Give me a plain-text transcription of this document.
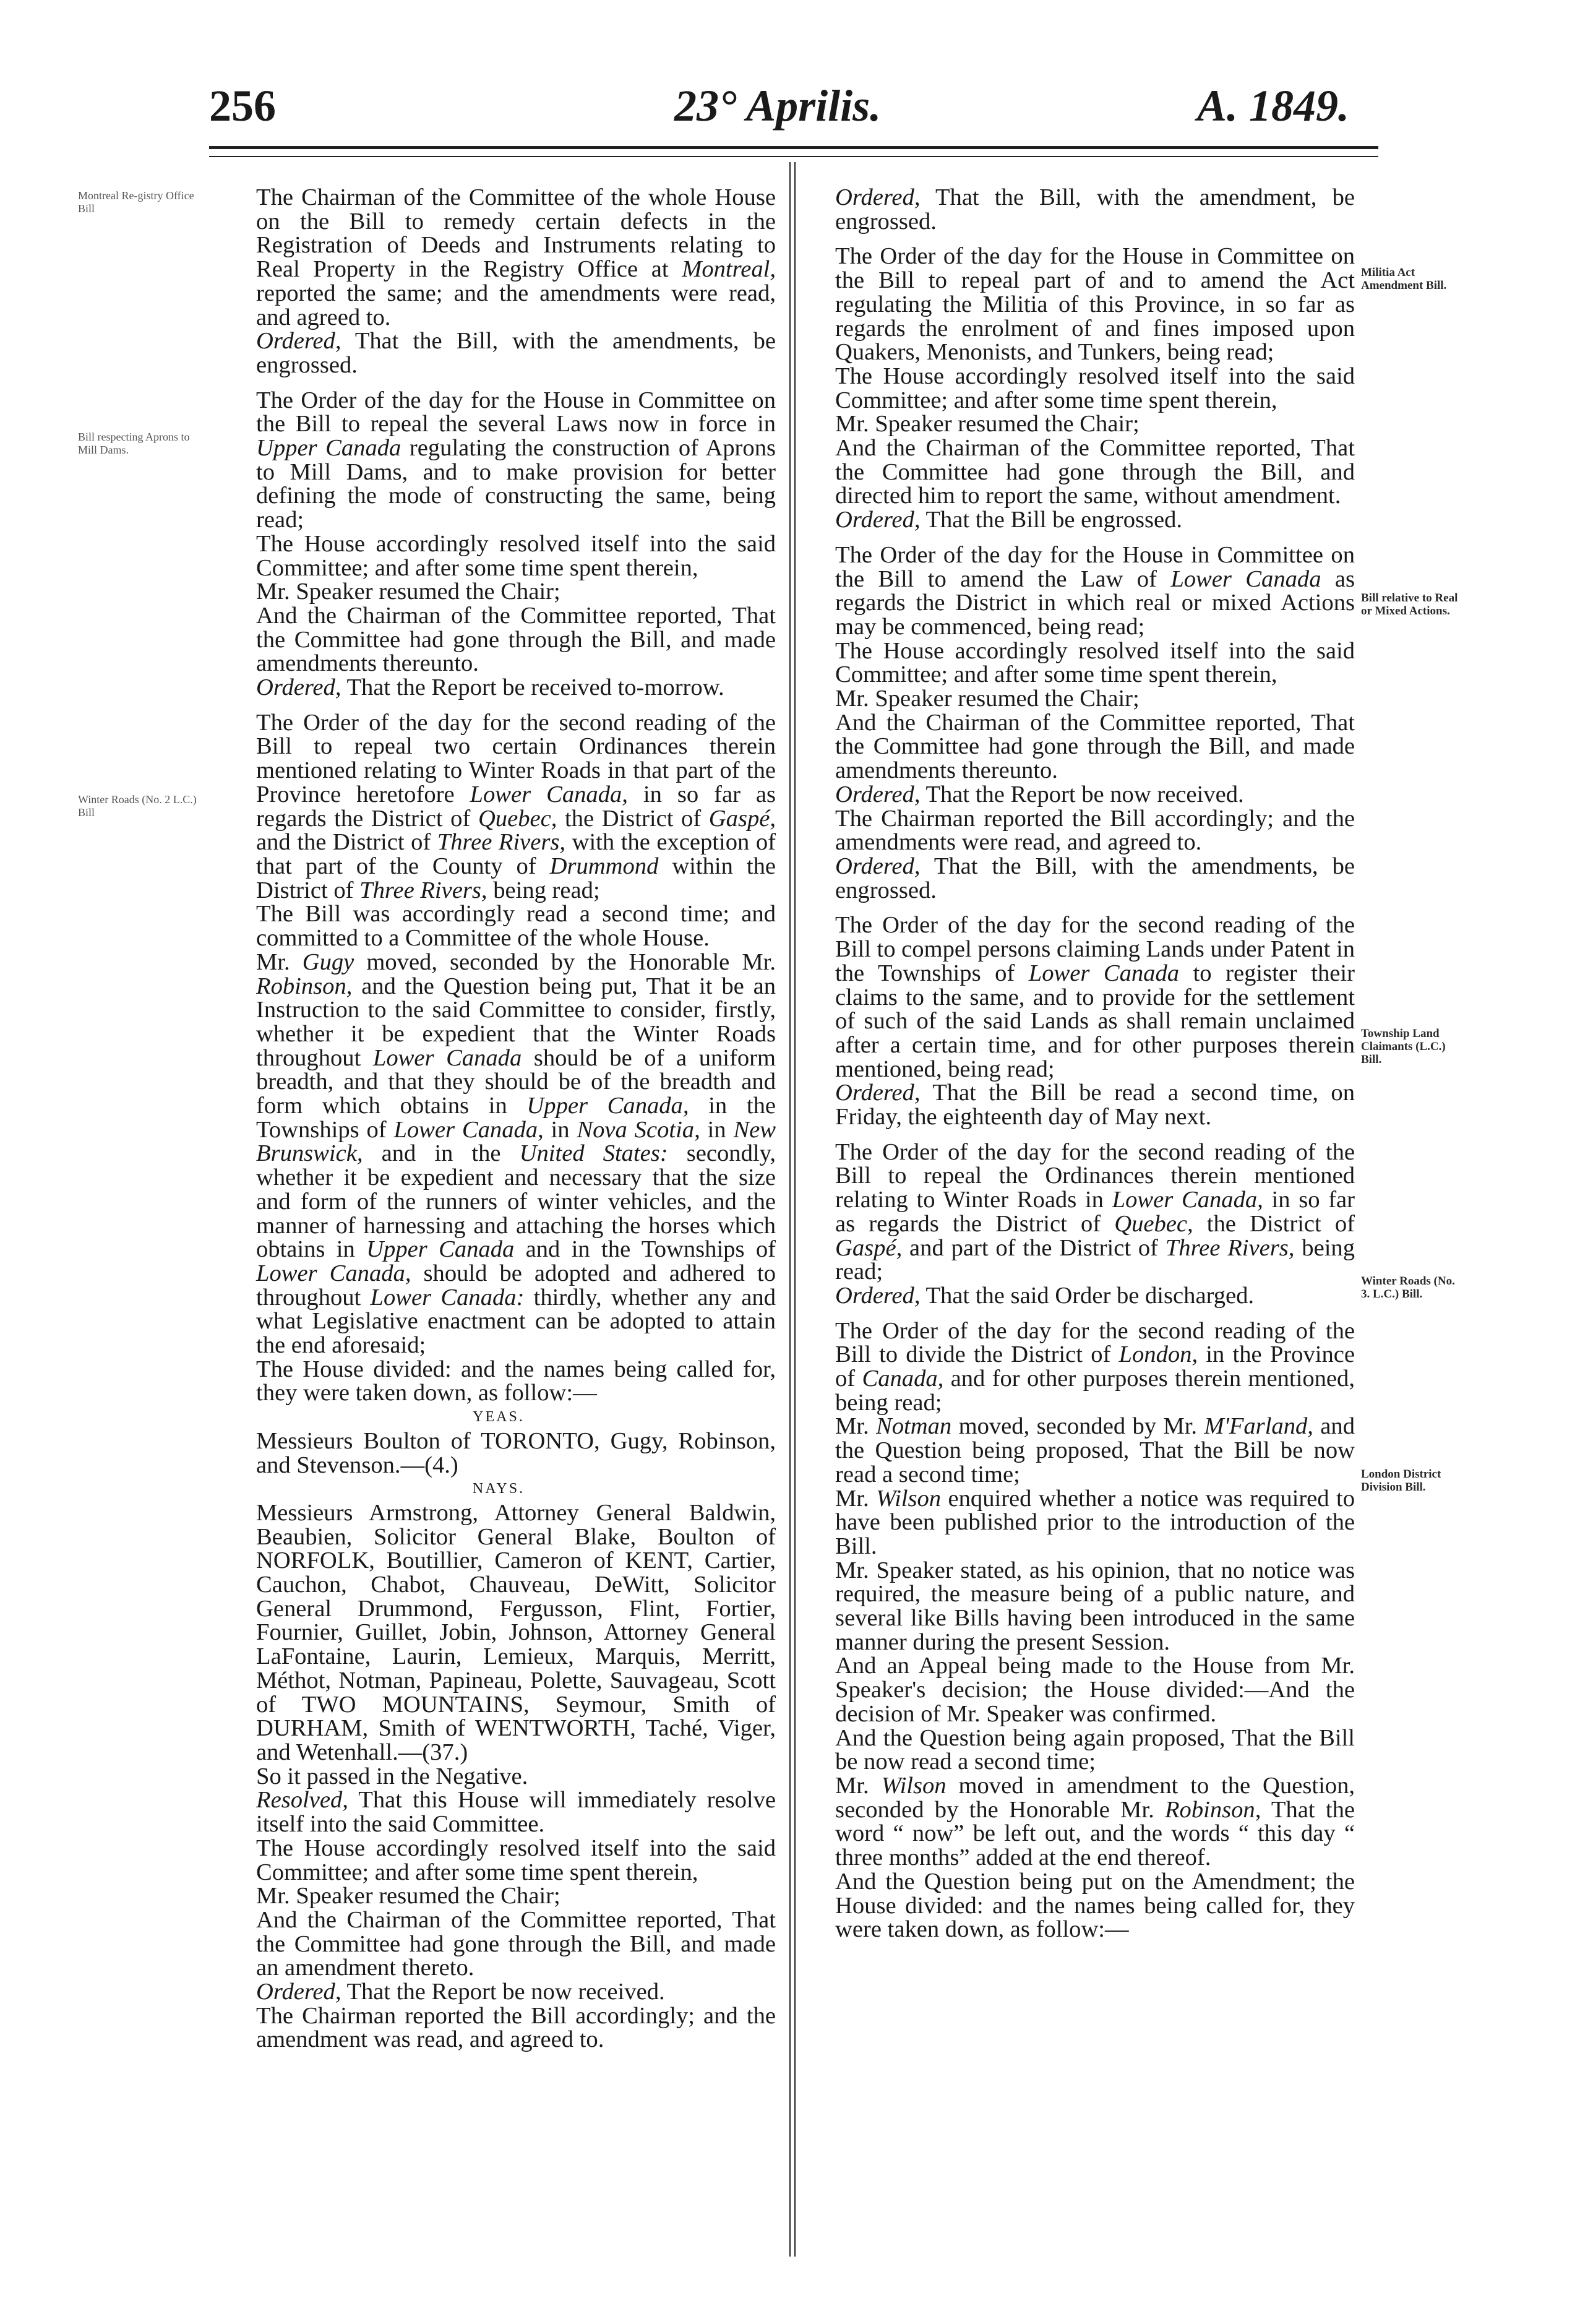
256	23° Aprilis.	A. 1849.
Montreal Re-gistry Office Bill
Bill respecting Aprons to Mill Dams.
Winter Roads (No. 2 L.C.) Bill
Militia Act Amendment Bill.
Bill relative to Real or Mixed Actions.
Township Land Claimants (L.C.) Bill.
Winter Roads (No. 3. L.C.) Bill.
London District Division Bill.

The Chairman of the Committee of the whole House on the Bill to remedy certain defects in the Registration of Deeds and Instruments relating to Real Property in the Registry Office at Montreal, reported the same; and the amendments were read, and agreed to.

Ordered, That the Bill, with the amendments, be engrossed.

The Order of the day for the House in Committee on the Bill to repeal the several Laws now in force in Upper Canada regulating the construction of Aprons to Mill Dams, and to make provision for better defining the mode of constructing the same, being read;

The House accordingly resolved itself into the said Committee; and after some time spent therein,

Mr. Speaker resumed the Chair;

And the Chairman of the Committee reported, That the Committee had gone through the Bill, and made amendments thereunto.

Ordered, That the Report be received to-morrow.

The Order of the day for the second reading of the Bill to repeal two certain Ordinances therein mentioned relating to Winter Roads in that part of the Province heretofore Lower Canada, in so far as regards the District of Quebec, the District of Gaspé, and the District of Three Rivers, with the exception of that part of the County of Drummond within the District of Three Rivers, being read;

The Bill was accordingly read a second time; and committed to a Committee of the whole House.

Mr. Gugy moved, seconded by the Honorable Mr. Robinson, and the Question being put, That it be an Instruction to the said Committee to consider, firstly, whether it be expedient that the Winter Roads throughout Lower Canada should be of a uniform breadth, and that they should be of the breadth and form which obtains in Upper Canada, in the Townships of Lower Canada, in Nova Scotia, in New Brunswick, and in the United States: secondly, whether it be expedient and necessary that the size and form of the runners of winter vehicles, and the manner of harnessing and attaching the horses which obtains in Upper Canada and in the Townships of Lower Canada, should be adopted and adhered to throughout Lower Canada: thirdly, whether any and what Legislative enactment can be adopted to attain the end aforesaid;

The House divided: and the names being called for, they were taken down, as follow:—

YEAS.

Messieurs Boulton of TORONTO, Gugy, Robinson, and Stevenson.—(4.)

NAYS.

Messieurs Armstrong, Attorney General Baldwin, Beaubien, Solicitor General Blake, Boulton of NORFOLK, Boutillier, Cameron of KENT, Cartier, Cauchon, Chabot, Chauveau, DeWitt, Solicitor General Drummond, Fergusson, Flint, Fortier, Fournier, Guillet, Jobin, Johnson, Attorney General LaFontaine, Laurin, Lemieux, Marquis, Merritt, Méthot, Notman, Papineau, Polette, Sauvageau, Scott of TWO MOUNTAINS, Seymour, Smith of DURHAM, Smith of WENTWORTH, Taché, Viger, and Wetenhall.—(37.)

So it passed in the Negative.

Resolved, That this House will immediately resolve itself into the said Committee.

The House accordingly resolved itself into the said Committee; and after some time spent therein,

Mr. Speaker resumed the Chair;

And the Chairman of the Committee reported, That the Committee had gone through the Bill, and made an amendment thereto.

Ordered, That the Report be now received.

The Chairman reported the Bill accordingly; and the amendment was read, and agreed to.

Ordered, That the Bill, with the amendment, be engrossed.

The Order of the day for the House in Committee on the Bill to repeal part of and to amend the Act regulating the Militia of this Province, in so far as regards the enrolment of and fines imposed upon Quakers, Menonists, and Tunkers, being read;

The House accordingly resolved itself into the said Committee; and after some time spent therein,

Mr. Speaker resumed the Chair;

And the Chairman of the Committee reported, That the Committee had gone through the Bill, and directed him to report the same, without amendment.

Ordered, That the Bill be engrossed.

The Order of the day for the House in Committee on the Bill to amend the Law of Lower Canada as regards the District in which real or mixed Actions may be commenced, being read;

The House accordingly resolved itself into the said Committee; and after some time spent therein,

Mr. Speaker resumed the Chair;

And the Chairman of the Committee reported, That the Committee had gone through the Bill, and made amendments thereunto.

Ordered, That the Report be now received.

The Chairman reported the Bill accordingly; and the amendments were read, and agreed to.

Ordered, That the Bill, with the amendments, be engrossed.

The Order of the day for the second reading of the Bill to compel persons claiming Lands under Patent in the Townships of Lower Canada to register their claims to the same, and to provide for the settlement of such of the said Lands as shall remain unclaimed after a certain time, and for other purposes therein mentioned, being read;

Ordered, That the Bill be read a second time, on Friday, the eighteenth day of May next.

The Order of the day for the second reading of the Bill to repeal the Ordinances therein mentioned relating to Winter Roads in Lower Canada, in so far as regards the District of Quebec, the District of Gaspé, and part of the District of Three Rivers, being read;

Ordered, That the said Order be discharged.

The Order of the day for the second reading of the Bill to divide the District of London, in the Province of Canada, and for other purposes therein mentioned, being read;

Mr. Notman moved, seconded by Mr. M'Farland, and the Question being proposed, That the Bill be now read a second time;

Mr. Wilson enquired whether a notice was required to have been published prior to the introduction of the Bill.

Mr. Speaker stated, as his opinion, that no notice was required, the measure being of a public nature, and several like Bills having been introduced in the same manner during the present Session.

And an Appeal being made to the House from Mr. Speaker's decision; the House divided:—And the decision of Mr. Speaker was confirmed.

And the Question being again proposed, That the Bill be now read a second time;

Mr. Wilson moved in amendment to the Question, seconded by the Honorable Mr. Robinson, That the word “ now” be left out, and the words “ this day “ three months” added at the end thereof.

And the Question being put on the Amendment; the House divided: and the names being called for, they were taken down, as follow:—
